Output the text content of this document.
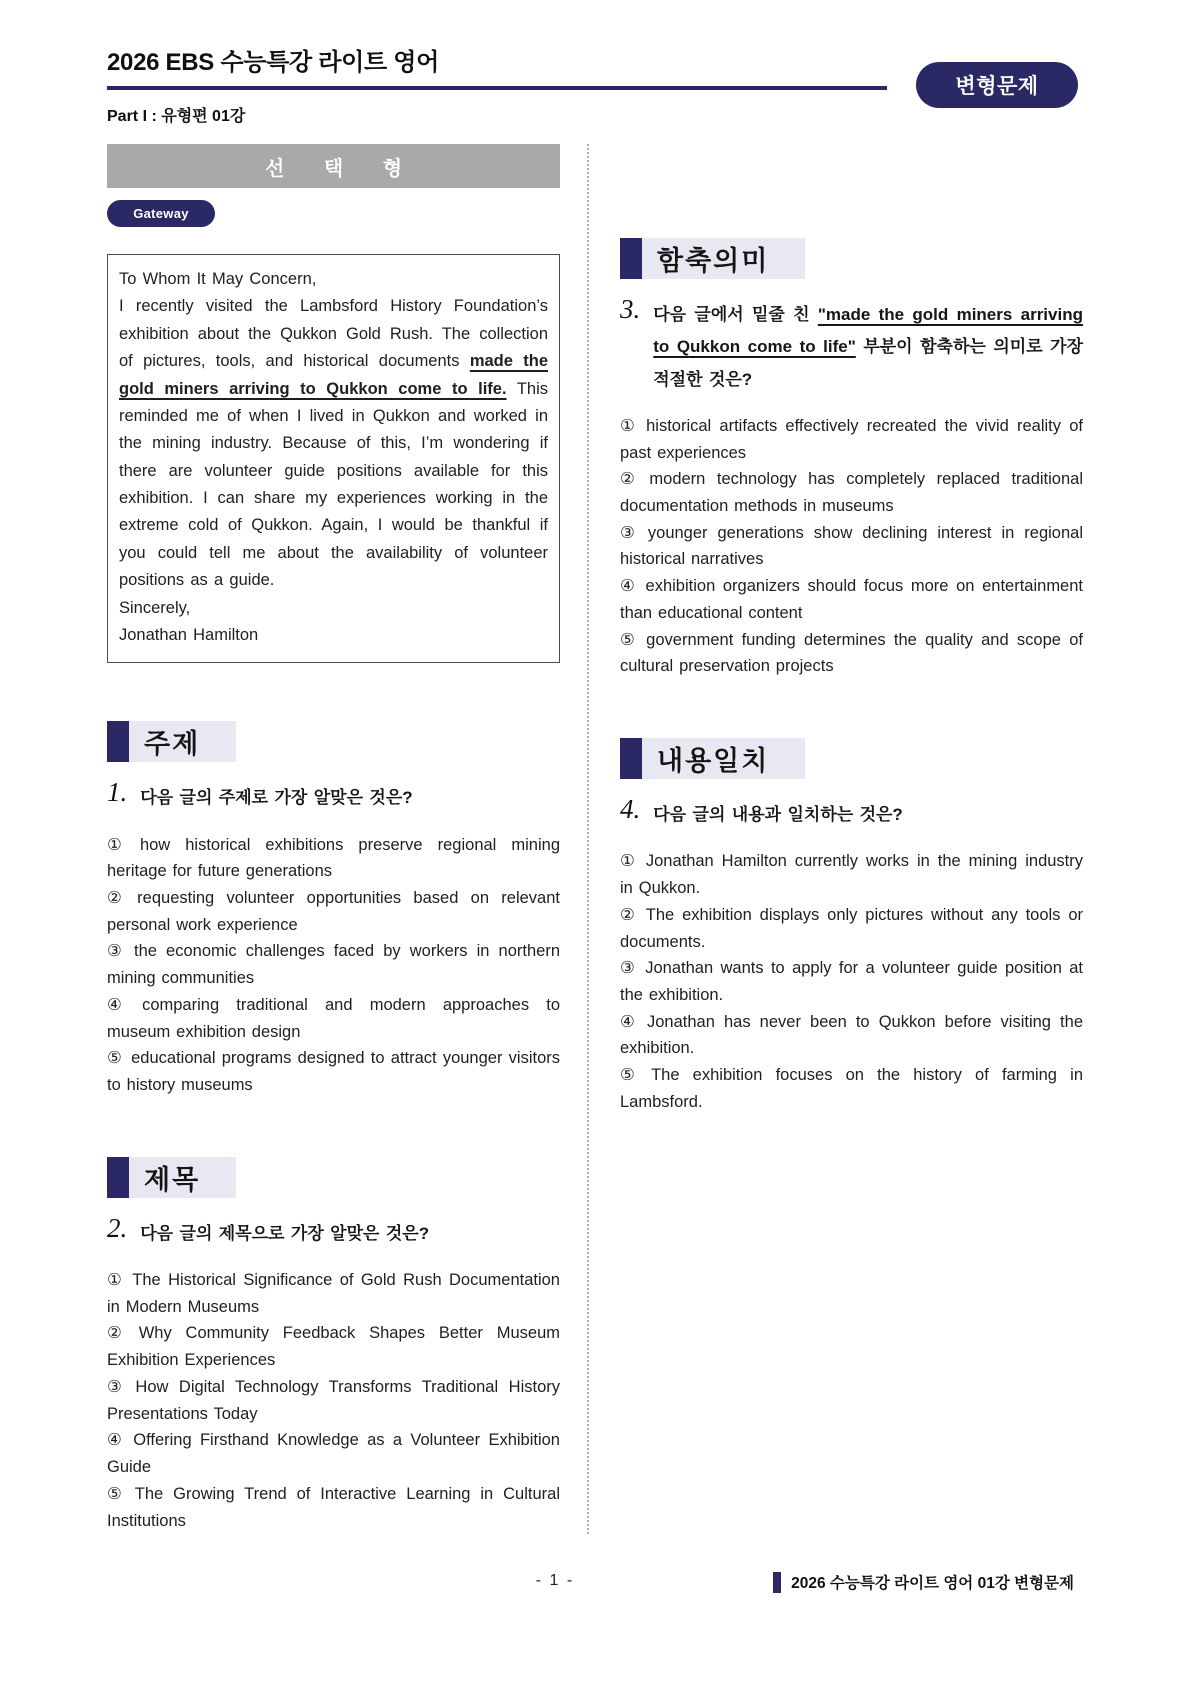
2026 EBS 수능특강 라이트 영어
Part I : 유형편 01강
변형문제
선 택 형
Gateway

To Whom It May Concern,

I recently visited the Lambsford History Foundation’s exhibition about the Qukkon Gold Rush. The collection of pictures, tools, and historical documents made the gold miners arriving to Qukkon come to life. This reminded me of when I lived in Qukkon and worked in the mining industry. Because of this, I’m wondering if there are volunteer guide positions available for this exhibition. I can share my experiences working in the extreme cold of Qukkon. Again, I would be thankful if you could tell me about the availability of volunteer positions as a guide.

Sincerely,

Jonathan Hamilton

주제
1. 다음 글의 주제로 가장 알맞은 것은?

① how historical exhibitions preserve regional mining heritage for future generations

② requesting volunteer opportunities based on relevant personal work experience

③ the economic challenges faced by workers in northern mining communities

④ comparing traditional and modern approaches to museum exhibition design

⑤ educational programs designed to attract younger visitors to history museums

제목
2. 다음 글의 제목으로 가장 알맞은 것은?

① The Historical Significance of Gold Rush Documentation in Modern Museums

② Why Community Feedback Shapes Better Museum Exhibition Experiences

③ How Digital Technology Transforms Traditional History Presentations Today

④ Offering Firsthand Knowledge as a Volunteer Exhibition Guide

⑤ The Growing Trend of Interactive Learning in Cultural Institutions

함축의미
3. 다음 글에서 밑줄 친 "made the gold miners arriving to Qukkon come to life" 부분이 함축하는 의미로 가장 적절한 것은?

① historical artifacts effectively recreated the vivid reality of past experiences

② modern technology has completely replaced traditional documentation methods in museums

③ younger generations show declining interest in regional historical narratives

④ exhibition organizers should focus more on entertainment than educational content

⑤ government funding determines the quality and scope of cultural preservation projects

내용일치
4. 다음 글의 내용과 일치하는 것은?

① Jonathan Hamilton currently works in the mining industry in Qukkon.

② The exhibition displays only pictures without any tools or documents.

③ Jonathan wants to apply for a volunteer guide position at the exhibition.

④ Jonathan has never been to Qukkon before visiting the exhibition.

⑤ The exhibition focuses on the history of farming in Lambsford.

- 1 -	2026 수능특강 라이트 영어 01강 변형문제
